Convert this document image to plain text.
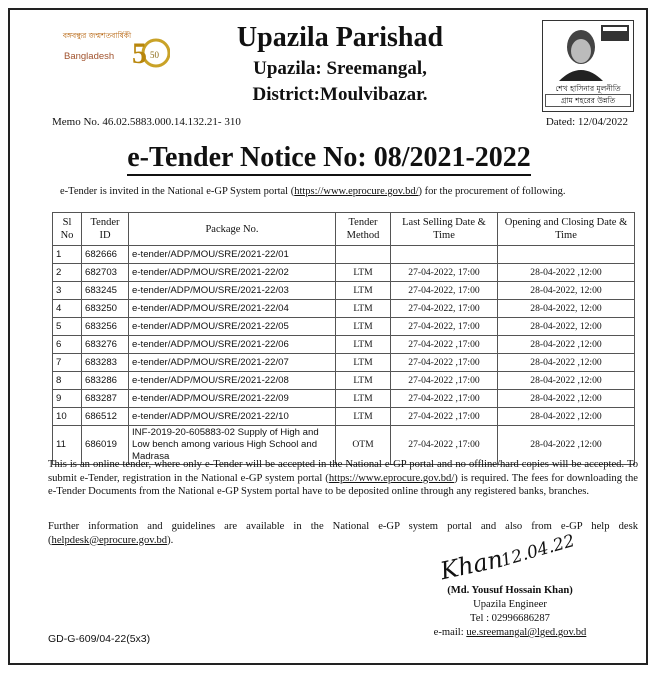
বঙ্গবন্ধুর জন্মশতবার্ষিকী
Bangladesh 5 50
Upazila Parishad
Upazila: Sreemangal,
District:Moulvibazar.	শেখ হাসিনার মূলনীতি
গ্রাম শহরের উন্নতি
Memo No. 46.02.5883.000.14.132.21- 310	Dated: 12/04/2022
e-Tender Notice No: 08/2021-2022
e-Tender is invited in the National e-GP System portal (https://www.eprocure.gov.bd/) for the procurement of following.
Sl No	Tender ID	Package No.	Tender Method	Last Selling Date & Time	Opening and Closing Date & Time
1	682666	e-tender/ADP/MOU/SRE/2021-22/01			
2	682703	e-tender/ADP/MOU/SRE/2021-22/02	LTM	27-04-2022, 17:00	28-04-2022 ,12:00
3	683245	e-tender/ADP/MOU/SRE/2021-22/03	LTM	27-04-2022, 17:00	28-04-2022, 12:00
4	683250	e-tender/ADP/MOU/SRE/2021-22/04	LTM	27-04-2022, 17:00	28-04-2022, 12:00
5	683256	e-tender/ADP/MOU/SRE/2021-22/05	LTM	27-04-2022, 17:00	28-04-2022, 12:00
6	683276	e-tender/ADP/MOU/SRE/2021-22/06	LTM	27-04-2022 ,17:00	28-04-2022 ,12:00
7	683283	e-tender/ADP/MOU/SRE/2021-22/07	LTM	27-04-2022 ,17:00	28-04-2022 ,12:00
8	683286	e-tender/ADP/MOU/SRE/2021-22/08	LTM	27-04-2022 ,17:00	28-04-2022 ,12:00
9	683287	e-tender/ADP/MOU/SRE/2021-22/09	LTM	27-04-2022 ,17:00	28-04-2022 ,12:00
10	686512	e-tender/ADP/MOU/SRE/2021-22/10	LTM	27-04-2022 ,17:00	28-04-2022 ,12:00
11	686019	INF-2019-20-605883-02 Supply of High and Low bench among various High School and Madrasa	OTM	27-04-2022 ,17:00	28-04-2022 ,12:00
This is an online tender, where only e-Tender will be accepted in the National e-GP portal and no offline/hard copies will be accepted. To submit e-Tender, registration in the National e-GP system portal (https://www.eprocure.gov.bd/) is required. The fees for downloading the e-Tender Documents from the National e-GP System portal have to be deposited online through any registered banks, branches.
Further information and guidelines are available in the National e-GP system portal and also from e-GP help desk (helpdesk@eprocure.gov.bd).
Khan
12.04.22
(Md. Yousuf Hossain Khan)
Upazila Engineer
Tel : 02996686287
e-mail: ue.sreemangal@lged.gov.bd
GD-G-609/04-22(5x3)
